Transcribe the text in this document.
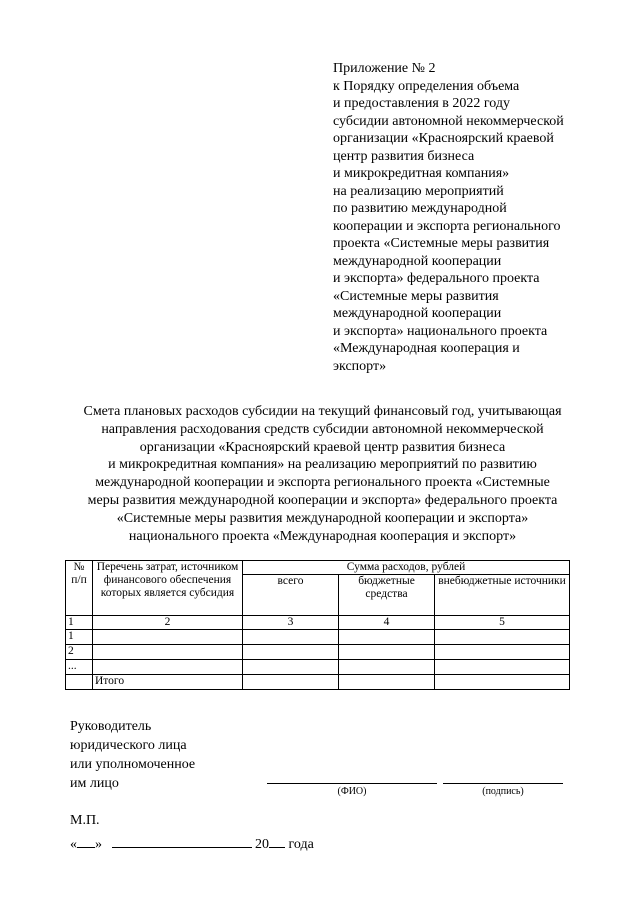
Приложение № 2
к Порядку определения объема
и предоставления в 2022 году
субсидии автономной некоммерческой
организации «Красноярский краевой
центр развития бизнеса
и микрокредитная компания»
на реализацию мероприятий
по развитию международной
кооперации и экспорта регионального
проекта «Системные меры развития
международной кооперации
и экспорта» федерального проекта
«Системные меры развития
международной кооперации
и экспорта» национального проекта
«Международная кооперация и
экспорт»
Смета плановых расходов субсидии на текущий финансовый год, учитывающая
направления расходования средств субсидии автономной некоммерческой
организации «Красноярский краевой центр развития бизнеса
и микрокредитная компания» на реализацию мероприятий по развитию
международной кооперации и экспорта регионального проекта «Системные
меры развития международной кооперации и экспорта» федерального проекта
«Системные меры развития международной кооперации и экспорта»
национального проекта «Международная кооперация и экспорт»
№ п/п	Перечень затрат, источником финансового обеспечения которых является субсидия	Сумма расходов, рублей		
		всего	бюджетные средства	внебюджетные источники
1	2	3	4	5
1				
2				
...				
	Итого			
Руководитель
юридического лица
или уполномоченное
им лицо
(ФИО)	(подпись)
М.П.
« »	20 года
